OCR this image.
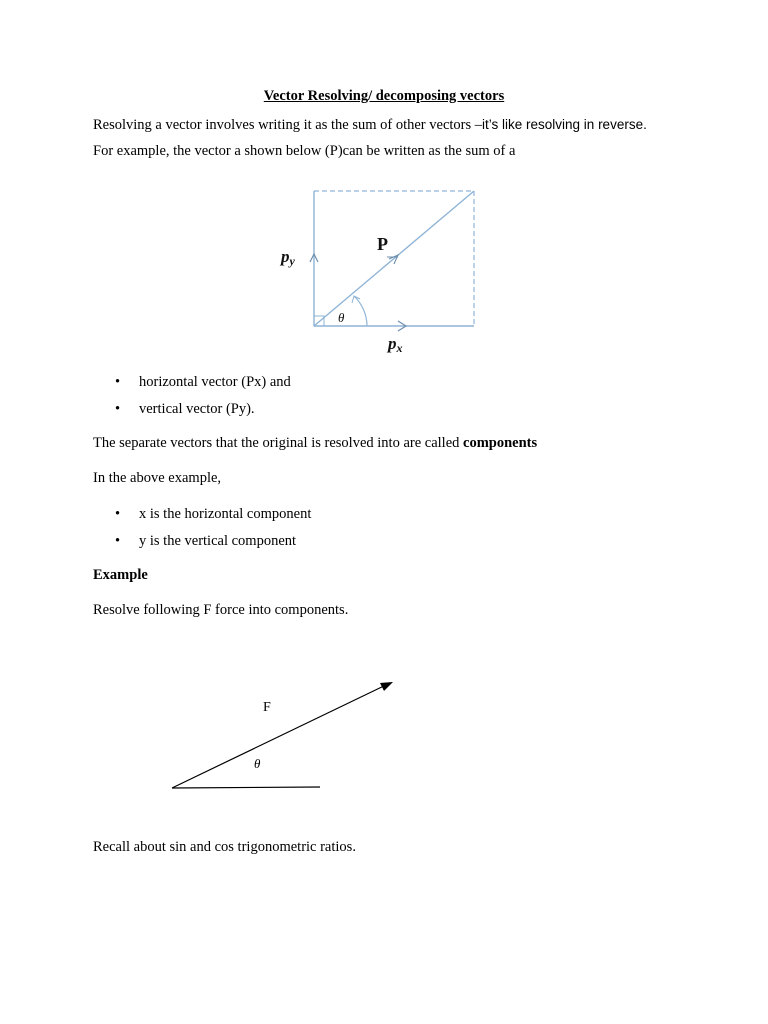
Vector Resolving/ decomposing vectors
Resolving a vector involves writing it as the sum of other vectors –it’s like resolving in reverse.
For example, the vector a shown below (P)can be written as the sum of a
P
py
px
θ
• horizontal vector (Px) and
• vertical vector (Py).
The separate vectors that the original is resolved into are called components
In the above example,
• x is the horizontal component
• y is the vertical component
Example
Resolve following F force into components.
F
θ
Recall about sin and cos trigonometric ratios.
